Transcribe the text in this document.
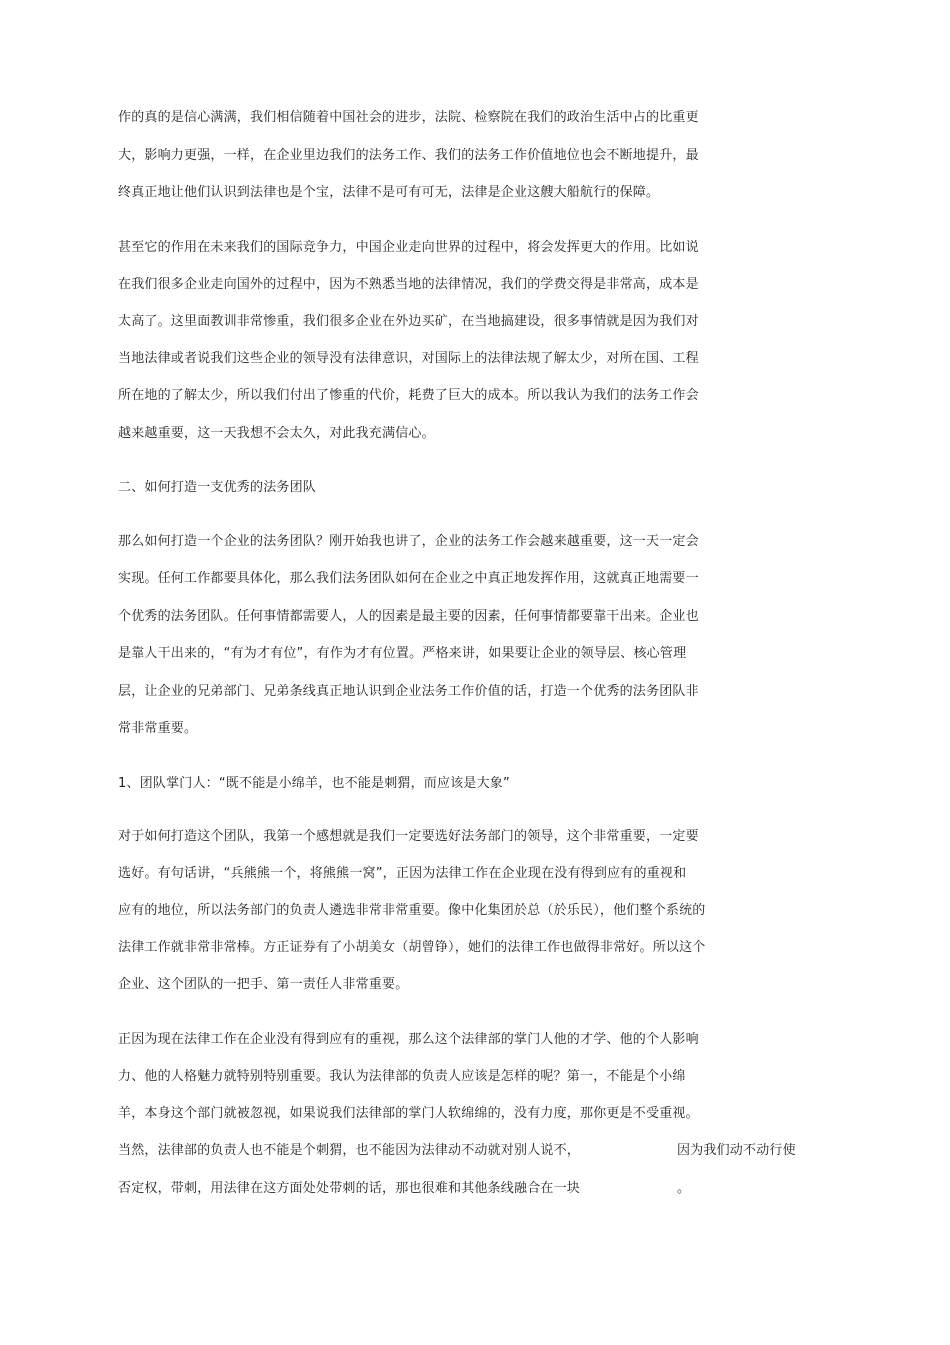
作的真的是信心满满，我们相信随着中国社会的进步，法院、检察院在我们的政治生活中占的比重更
大，影响力更强，一样，在企业里边我们的法务工作、我们的法务工作价值地位也会不断地提升，最
终真正地让他们认识到法律也是个宝，法律不是可有可无，法律是企业这艘大船航行的保障。
甚至它的作用在未来我们的国际竞争力，中国企业走向世界的过程中，将会发挥更大的作用。比如说
在我们很多企业走向国外的过程中，因为不熟悉当地的法律情况，我们的学费交得是非常高，成本是
太高了。这里面教训非常惨重，我们很多企业在外边买矿，在当地搞建设，很多事情就是因为我们对
当地法律或者说我们这些企业的领导没有法律意识，对国际上的法律法规了解太少，对所在国、工程
所在地的了解太少，所以我们付出了惨重的代价，耗费了巨大的成本。所以我认为我们的法务工作会
越来越重要，这一天我想不会太久，对此我充满信心。
二、如何打造一支优秀的法务团队
那么如何打造一个企业的法务团队？刚开始我也讲了，企业的法务工作会越来越重要，这一天一定会
实现。任何工作都要具体化，那么我们法务团队如何在企业之中真正地发挥作用，这就真正地需要一
个优秀的法务团队。任何事情都需要人，人的因素是最主要的因素，任何事情都要靠干出来。企业也
是靠人干出来的，“有为才有位”，有作为才有位置。严格来讲，如果要让企业的领导层、核心管理
层，让企业的兄弟部门、兄弟条线真正地认识到企业法务工作价值的话，打造一个优秀的法务团队非
常非常重要。
1、团队掌门人：“既不能是小绵羊，也不能是刺猬，而应该是大象”
对于如何打造这个团队，我第一个感想就是我们一定要选好法务部门的领导，这个非常重要，一定要
选好。有句话讲，“兵熊熊一个，将熊熊一窝”，正因为法律工作在企业现在没有得到应有的重视和
应有的地位，所以法务部门的负责人遴选非常非常重要。像中化集团於总（於乐民），他们整个系统的
法律工作就非常非常棒。方正证券有了小胡美女（胡曾铮），她们的法律工作也做得非常好。所以这个
企业、这个团队的一把手、第一责任人非常重要。
正因为现在法律工作在企业没有得到应有的重视，那么这个法律部的掌门人他的才学、他的个人影响
力、他的人格魅力就特别特别重要。我认为法律部的负责人应该是怎样的呢？第一，不能是个小绵
羊，本身这个部门就被忽视，如果说我们法律部的掌门人软绵绵的，没有力度，那你更是不受重视。
当然，法律部的负责人也不能是个刺猬，也不能因为法律动不动就对别人说不，
否定权，带刺，用法律在这方面处处带刺的话，那也很难和其他条线融合在一块
因为我们动不动行使
。
